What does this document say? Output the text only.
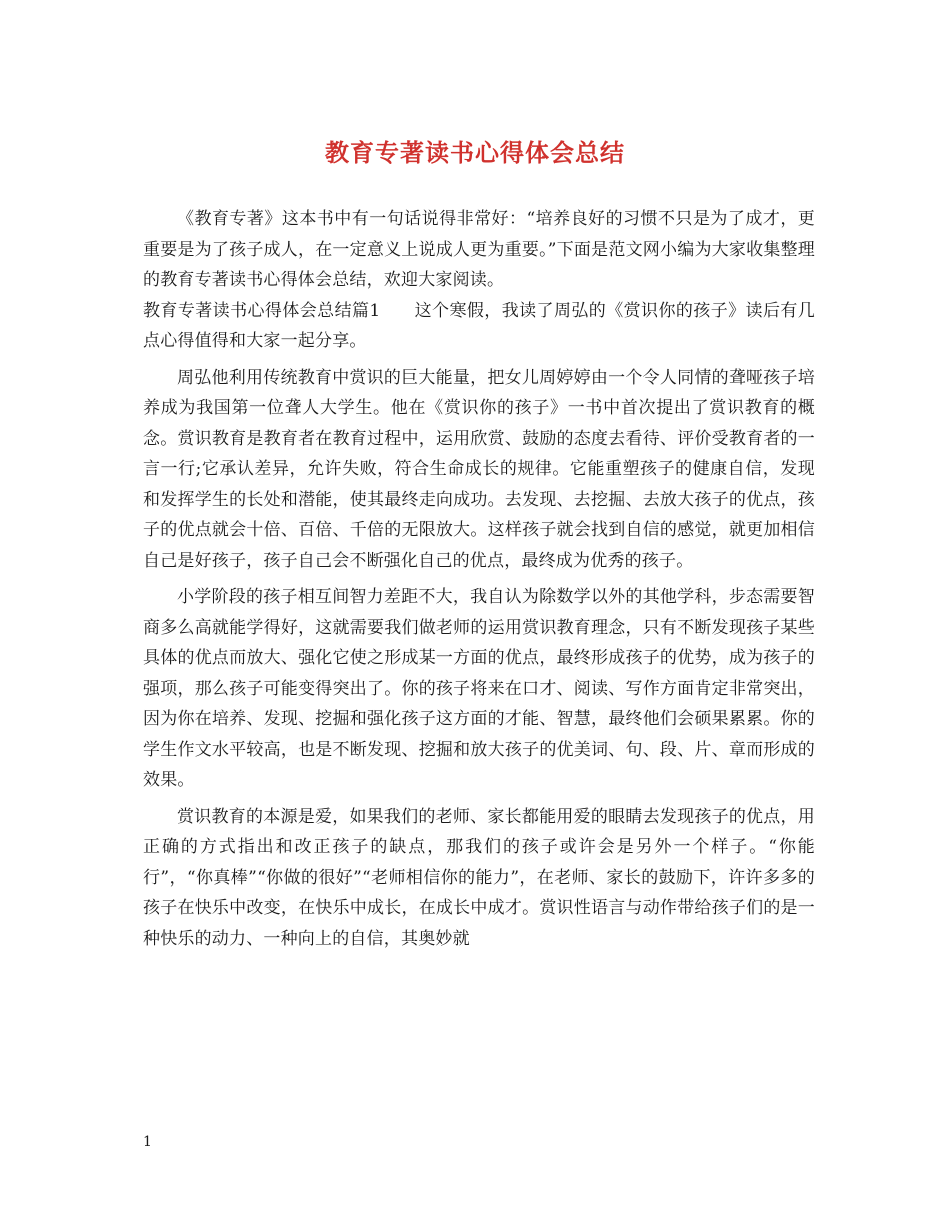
教育专著读书心得体会总结

《教育专著》这本书中有一句话说得非常好：“培养良好的习惯不只是为了成才，更重要是为了孩子成人，在一定意义上说成人更为重要。”下面是范文网小编为大家收集整理的教育专著读书心得体会总结，欢迎大家阅读。

教育专著读书心得体会总结篇1 这个寒假，我读了周弘的《赏识你的孩子》读后有几点心得值得和大家一起分享。

周弘他利用传统教育中赏识的巨大能量，把女儿周婷婷由一个令人同情的聋哑孩子培养成为我国第一位聋人大学生。他在《赏识你的孩子》一书中首次提出了赏识教育的概念。赏识教育是教育者在教育过程中，运用欣赏、鼓励的态度去看待、评价受教育者的一言一行;它承认差异，允许失败，符合生命成长的规律。它能重塑孩子的健康自信，发现和发挥学生的长处和潜能，使其最终走向成功。去发现、去挖掘、去放大孩子的优点，孩子的优点就会十倍、百倍、千倍的无限放大。这样孩子就会找到自信的感觉，就更加相信自己是好孩子，孩子自己会不断强化自己的优点，最终成为优秀的孩子。

小学阶段的孩子相互间智力差距不大，我自认为除数学以外的其他学科，步态需要智商多么高就能学得好，这就需要我们做老师的运用赏识教育理念，只有不断发现孩子某些具体的优点而放大、强化它使之形成某一方面的优点，最终形成孩子的优势，成为孩子的强项，那么孩子可能变得突出了。你的孩子将来在口才、阅读、写作方面肯定非常突出，因为你在培养、发现、挖掘和强化孩子这方面的才能、智慧，最终他们会硕果累累。你的学生作文水平较高，也是不断发现、挖掘和放大孩子的优美词、句、段、片、章而形成的效果。

赏识教育的本源是爱，如果我们的老师、家长都能用爱的眼睛去发现孩子的优点，用正确的方式指出和改正孩子的缺点，那我们的孩子或许会是另外一个样子。“你能行”，“你真棒”“你做的很好”“老师相信你的能力”，在老师、家长的鼓励下，许许多多的孩子在快乐中改变，在快乐中成长，在成长中成才。赏识性语言与动作带给孩子们的是一种快乐的动力、一种向上的自信，其奥妙就

1
